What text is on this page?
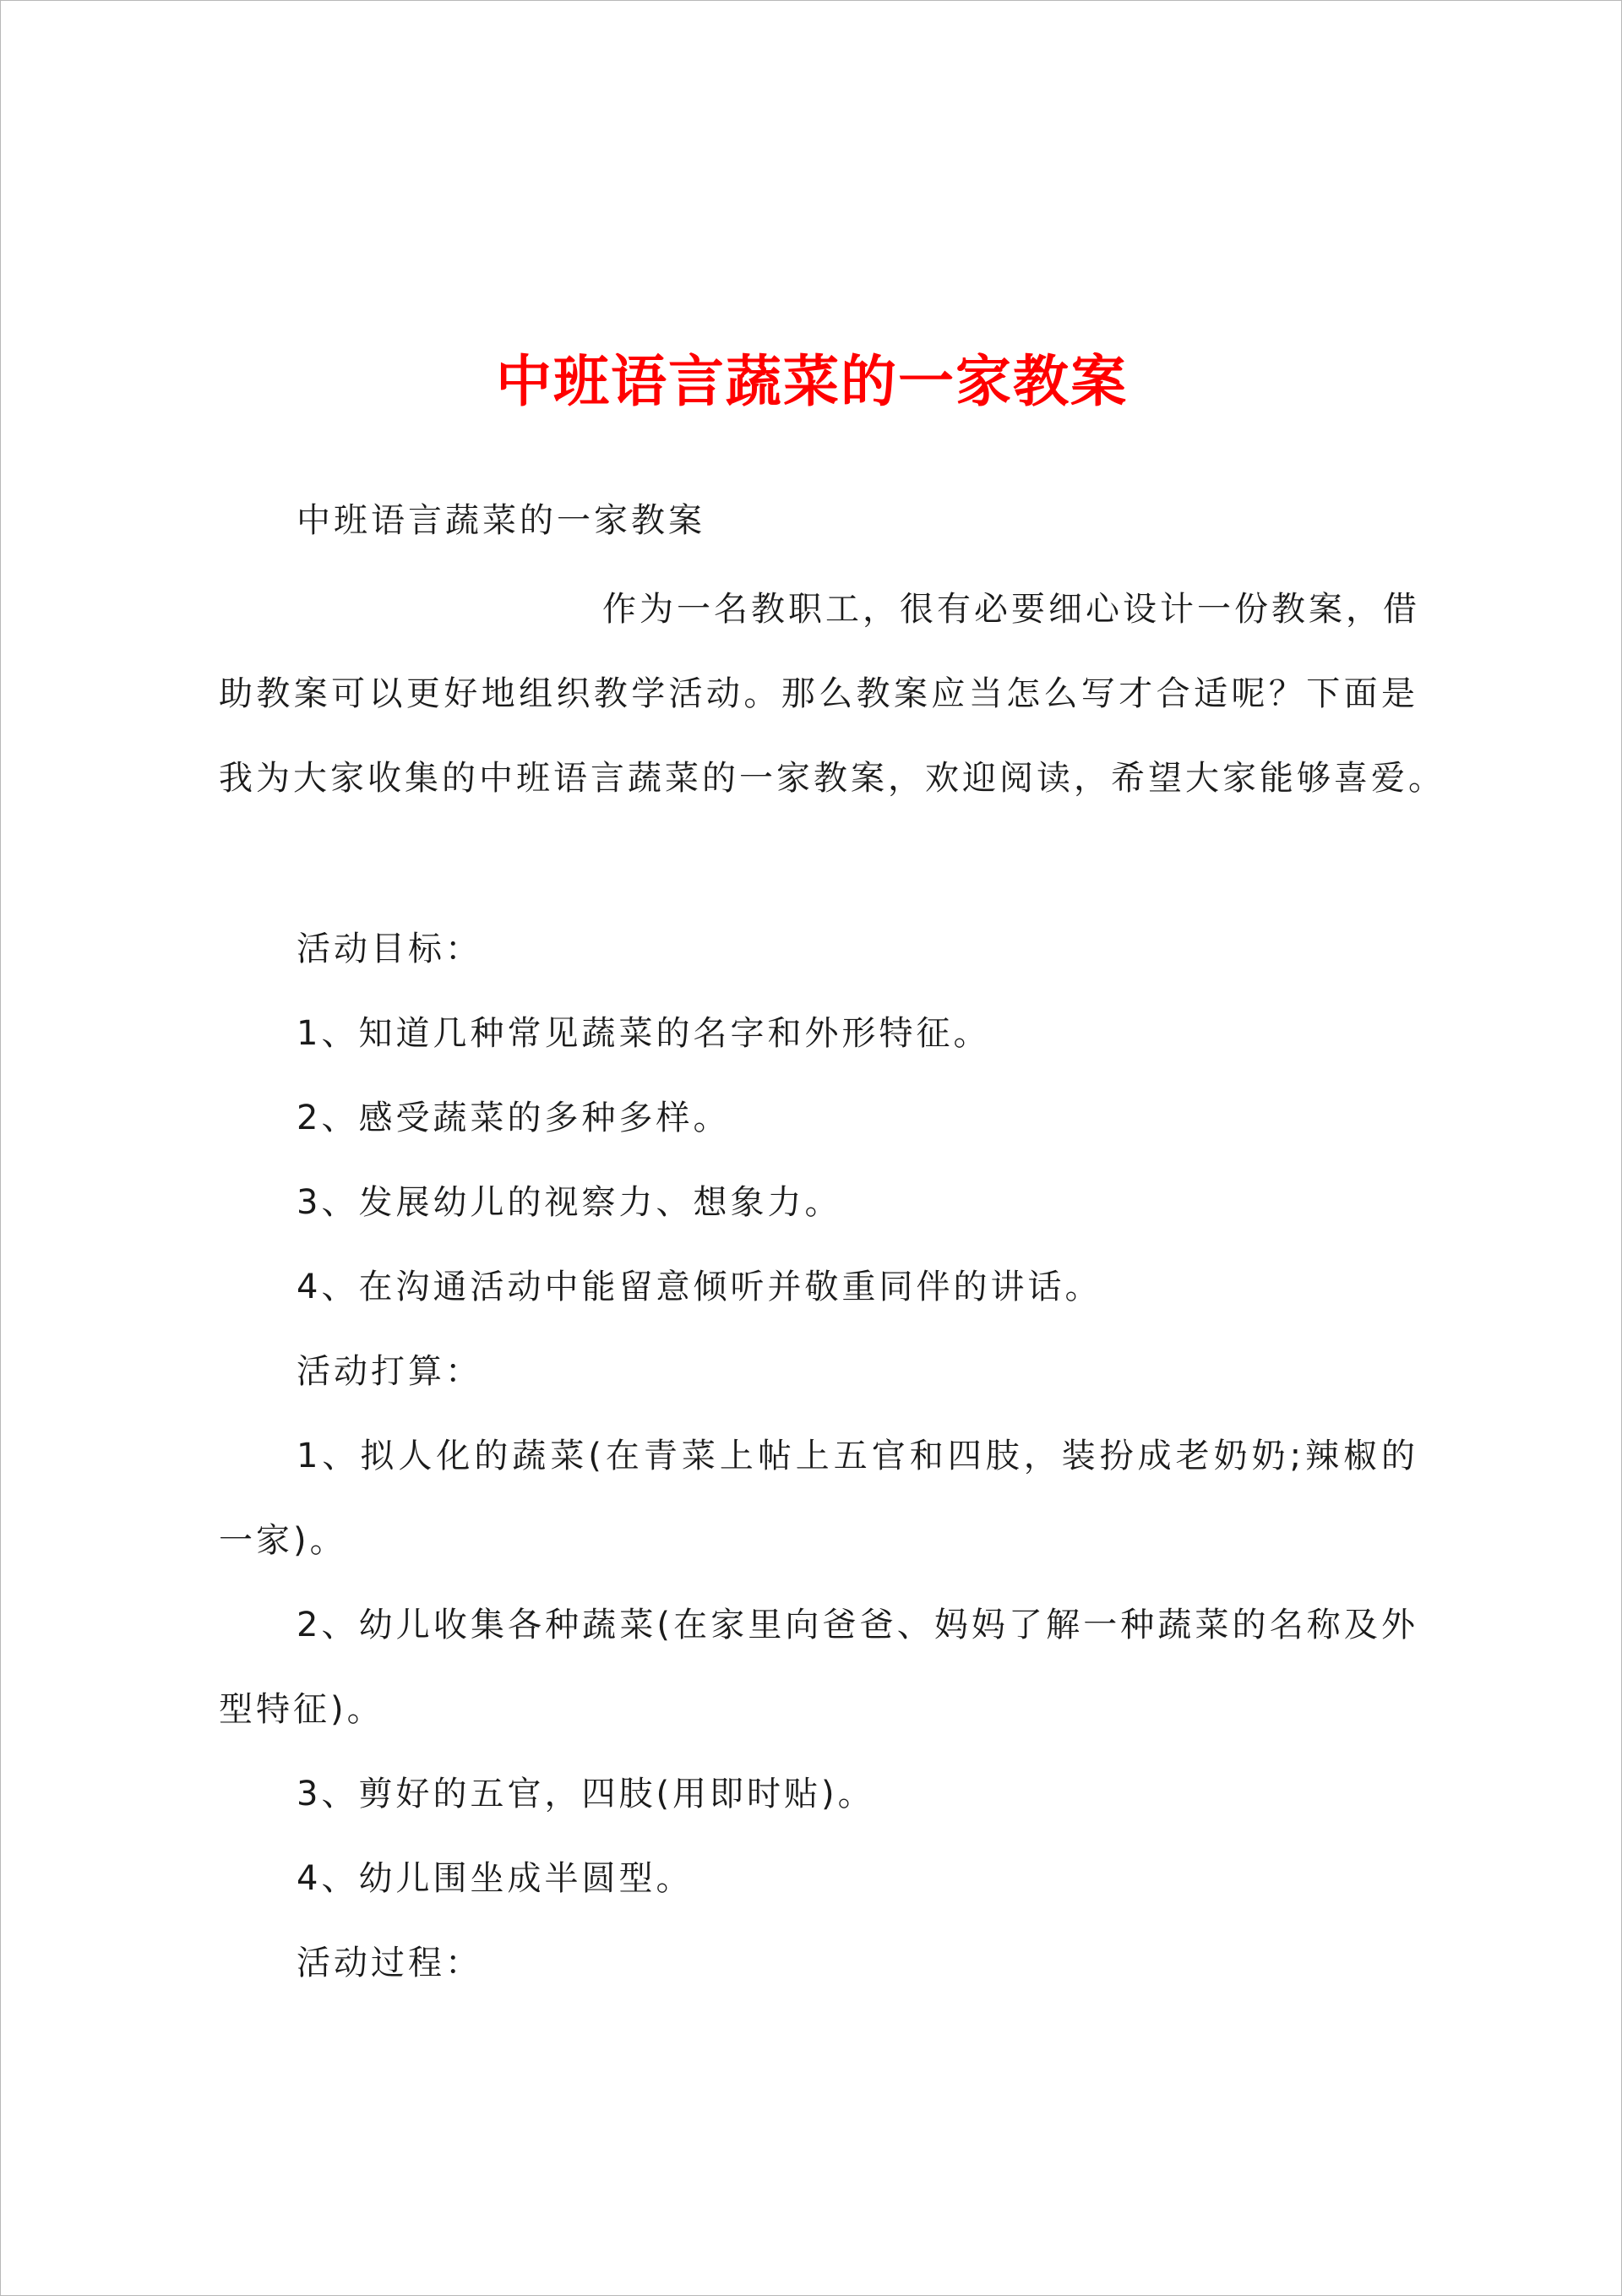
中班语言蔬菜的一家教案
中班语言蔬菜的一家教案
作为一名教职工，很有必要细心设计一份教案，借
助教案可以更好地组织教学活动。那么教案应当怎么写才合适呢？下面是
我为大家收集的中班语言蔬菜的一家教案，欢迎阅读，希望大家能够喜爱。
活动目标：
1、知道几种常见蔬菜的名字和外形特征。
2、感受蔬菜的多种多样。
3、发展幼儿的视察力、想象力。
4、在沟通活动中能留意倾听并敬重同伴的讲话。
活动打算：
1、拟人化的蔬菜(在青菜上帖上五官和四肢，装扮成老奶奶;辣椒的
一家)。
2、幼儿收集各种蔬菜(在家里向爸爸、妈妈了解一种蔬菜的名称及外
型特征)。
3、剪好的五官，四肢(用即时贴)。
4、幼儿围坐成半圆型。
活动过程：
